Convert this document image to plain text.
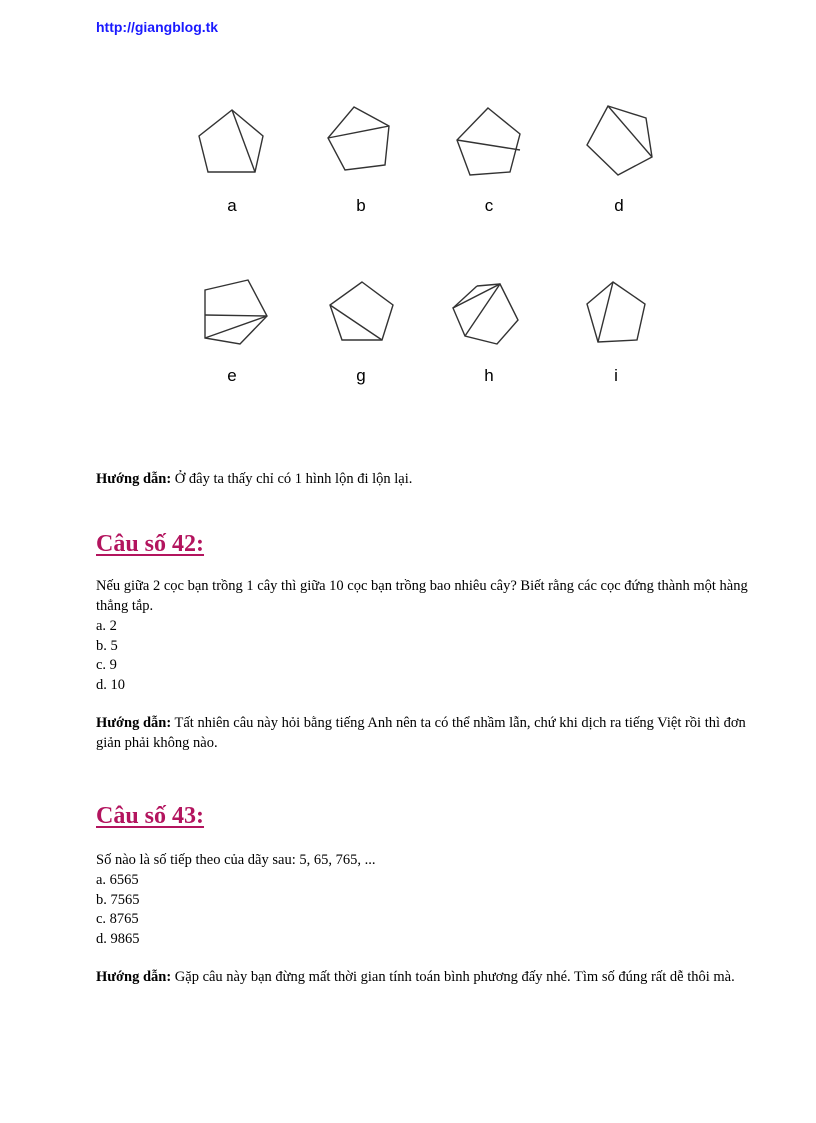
http://giangblog.tk
a	b	c	d
e	g	h	i

Hướng dẫn: Ở đây ta thấy chỉ có 1 hình lộn đi lộn lại.

Câu số 42:

Nếu giữa 2 cọc bạn trồng 1 cây thì giữa 10 cọc bạn trồng bao nhiêu cây? Biết rằng các cọc đứng thành một hàng thẳng tắp.

a. 2
b. 5
c. 9
d. 10

Hướng dẫn: Tất nhiên câu này hỏi bằng tiếng Anh nên ta có thể nhầm lẫn, chứ khi dịch ra tiếng Việt rồi thì đơn giản phải không nào.

Câu số 43:

Số nào là số tiếp theo của dãy sau: 5, 65, 765, ...

a. 6565
b. 7565
c. 8765
d. 9865

Hướng dẫn: Gặp câu này bạn đừng mất thời gian tính toán bình phương đấy nhé. Tìm số đúng rất dễ thôi mà.
